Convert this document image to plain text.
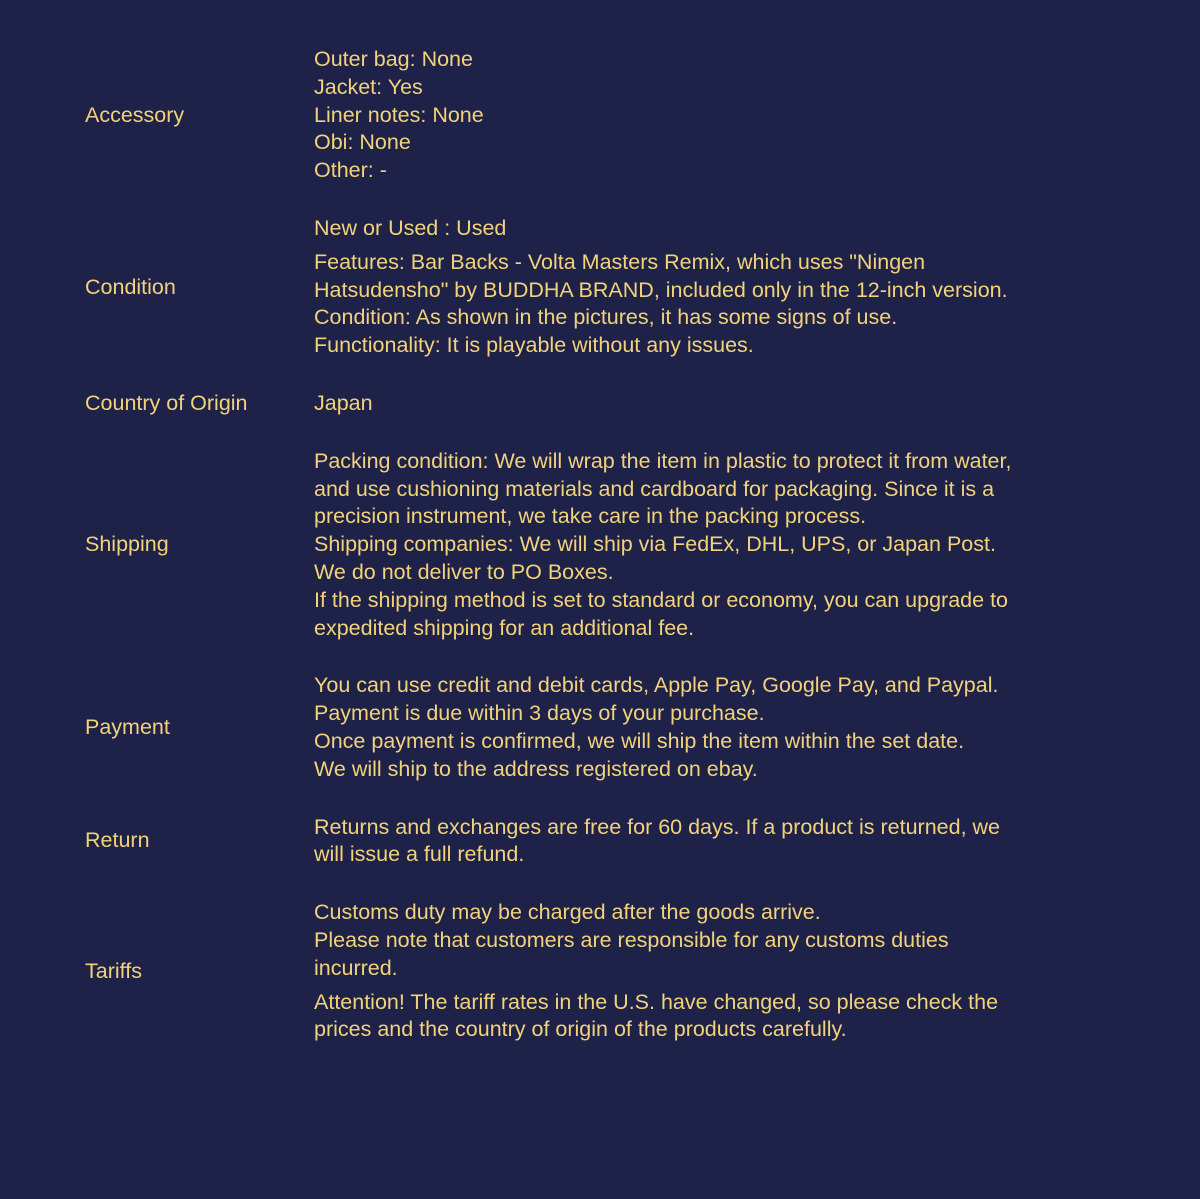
Accessory
Outer bag: None
Jacket: Yes
Liner notes: None
Obi: None
Other: -
Condition
New or Used : Used
Features: Bar Backs - Volta Masters Remix, which uses "Ningen Hatsudensho" by BUDDHA BRAND, included only in the 12-inch version.
Condition: As shown in the pictures, it has some signs of use.
Functionality: It is playable without any issues.
Country of Origin	Japan
Shipping
Packing condition: We will wrap the item in plastic to protect it from water, and use cushioning materials and cardboard for packaging. Since it is a precision instrument, we take care in the packing process.
Shipping companies: We will ship via FedEx, DHL, UPS, or Japan Post.
We do not deliver to PO Boxes.
If the shipping method is set to standard or economy, you can upgrade to expedited shipping for an additional fee.
Payment
You can use credit and debit cards, Apple Pay, Google Pay, and Paypal.
Payment is due within 3 days of your purchase.
Once payment is confirmed, we will ship the item within the set date.
We will ship to the address registered on ebay.
Return
Returns and exchanges are free for 60 days. If a product is returned, we will issue a full refund.
Tariffs
Customs duty may be charged after the goods arrive.
Please note that customers are responsible for any customs duties incurred.
Attention! The tariff rates in the U.S. have changed, so please check the prices and the country of origin of the products carefully.
